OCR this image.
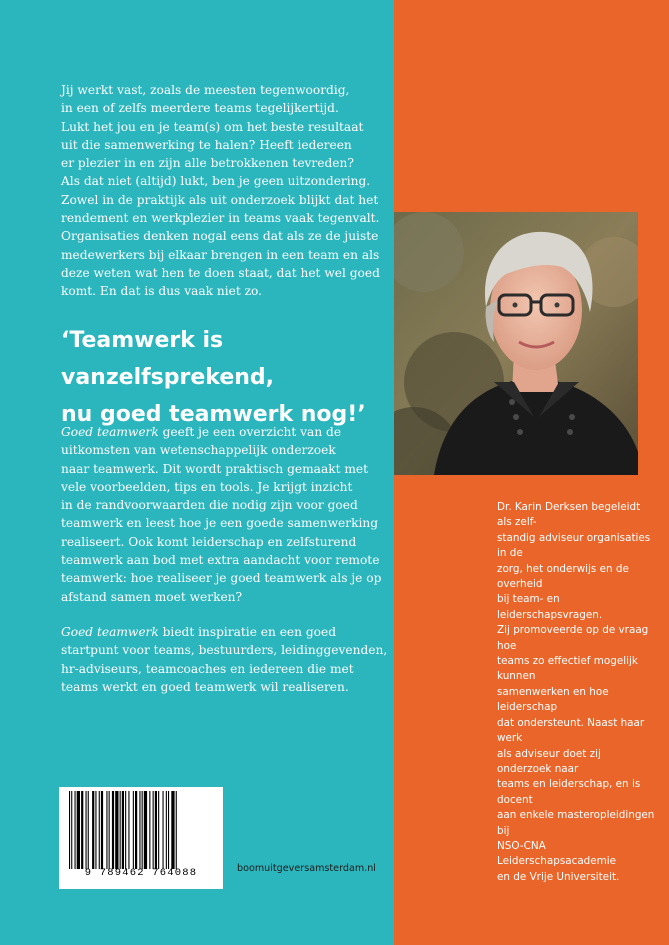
Jij werkt vast, zoals de meesten tegenwoordig,
in een of zelfs meerdere teams tegelijkertijd.
Lukt het jou en je team(s) om het beste resultaat
uit die samenwerking te halen? Heeft iedereen
er plezier in en zijn alle betrokkenen tevreden?
Als dat niet (altijd) lukt, ben je geen uitzondering.
Zowel in de praktijk als uit onderzoek blijkt dat het
rendement en werkplezier in teams vaak tegenvalt.
Organisaties denken nogal eens dat als ze de juiste
medewerkers bij elkaar brengen in een team en als
deze weten wat hen te doen staat, dat het wel goed
komt. En dat is dus vaak niet zo.
‘Teamwerk is vanzelfsprekend,
nu goed teamwerk nog!’
Goed teamwerk geeft je een overzicht van de
uitkomsten van wetenschappelijk onderzoek
naar teamwerk. Dit wordt praktisch gemaakt met
vele voorbeelden, tips en tools. Je krijgt inzicht
in de randvoorwaarden die nodig zijn voor goed
teamwerk en leest hoe je een goede samenwerking
realiseert. Ook komt leiderschap en zelfsturend
teamwerk aan bod met extra aandacht voor remote
teamwerk: hoe realiseer je goed teamwerk als je op
afstand samen moet werken?
Goed teamwerk biedt inspiratie en een goed
startpunt voor teams, bestuurders, leidinggevenden,
hr-adviseurs, teamcoaches en iedereen die met
teams werkt en goed teamwerk wil realiseren.
Dr. Karin Derksen begeleidt als zelf-
standig adviseur organisaties in de
zorg, het onderwijs en de overheid
bij team- en leiderschapsvragen.
Zij promoveerde op de vraag hoe
teams zo effectief mogelijk kunnen
samenwerken en hoe leiderschap
dat ondersteunt. Naast haar werk
als adviseur doet zij onderzoek naar
teams en leiderschap, en is docent
aan enkele masteropleidingen bij
NSO-CNA Leiderschapsacademie
en de Vrije Universiteit.
9 789462 764088	boomuitgeversamsterdam.nl
